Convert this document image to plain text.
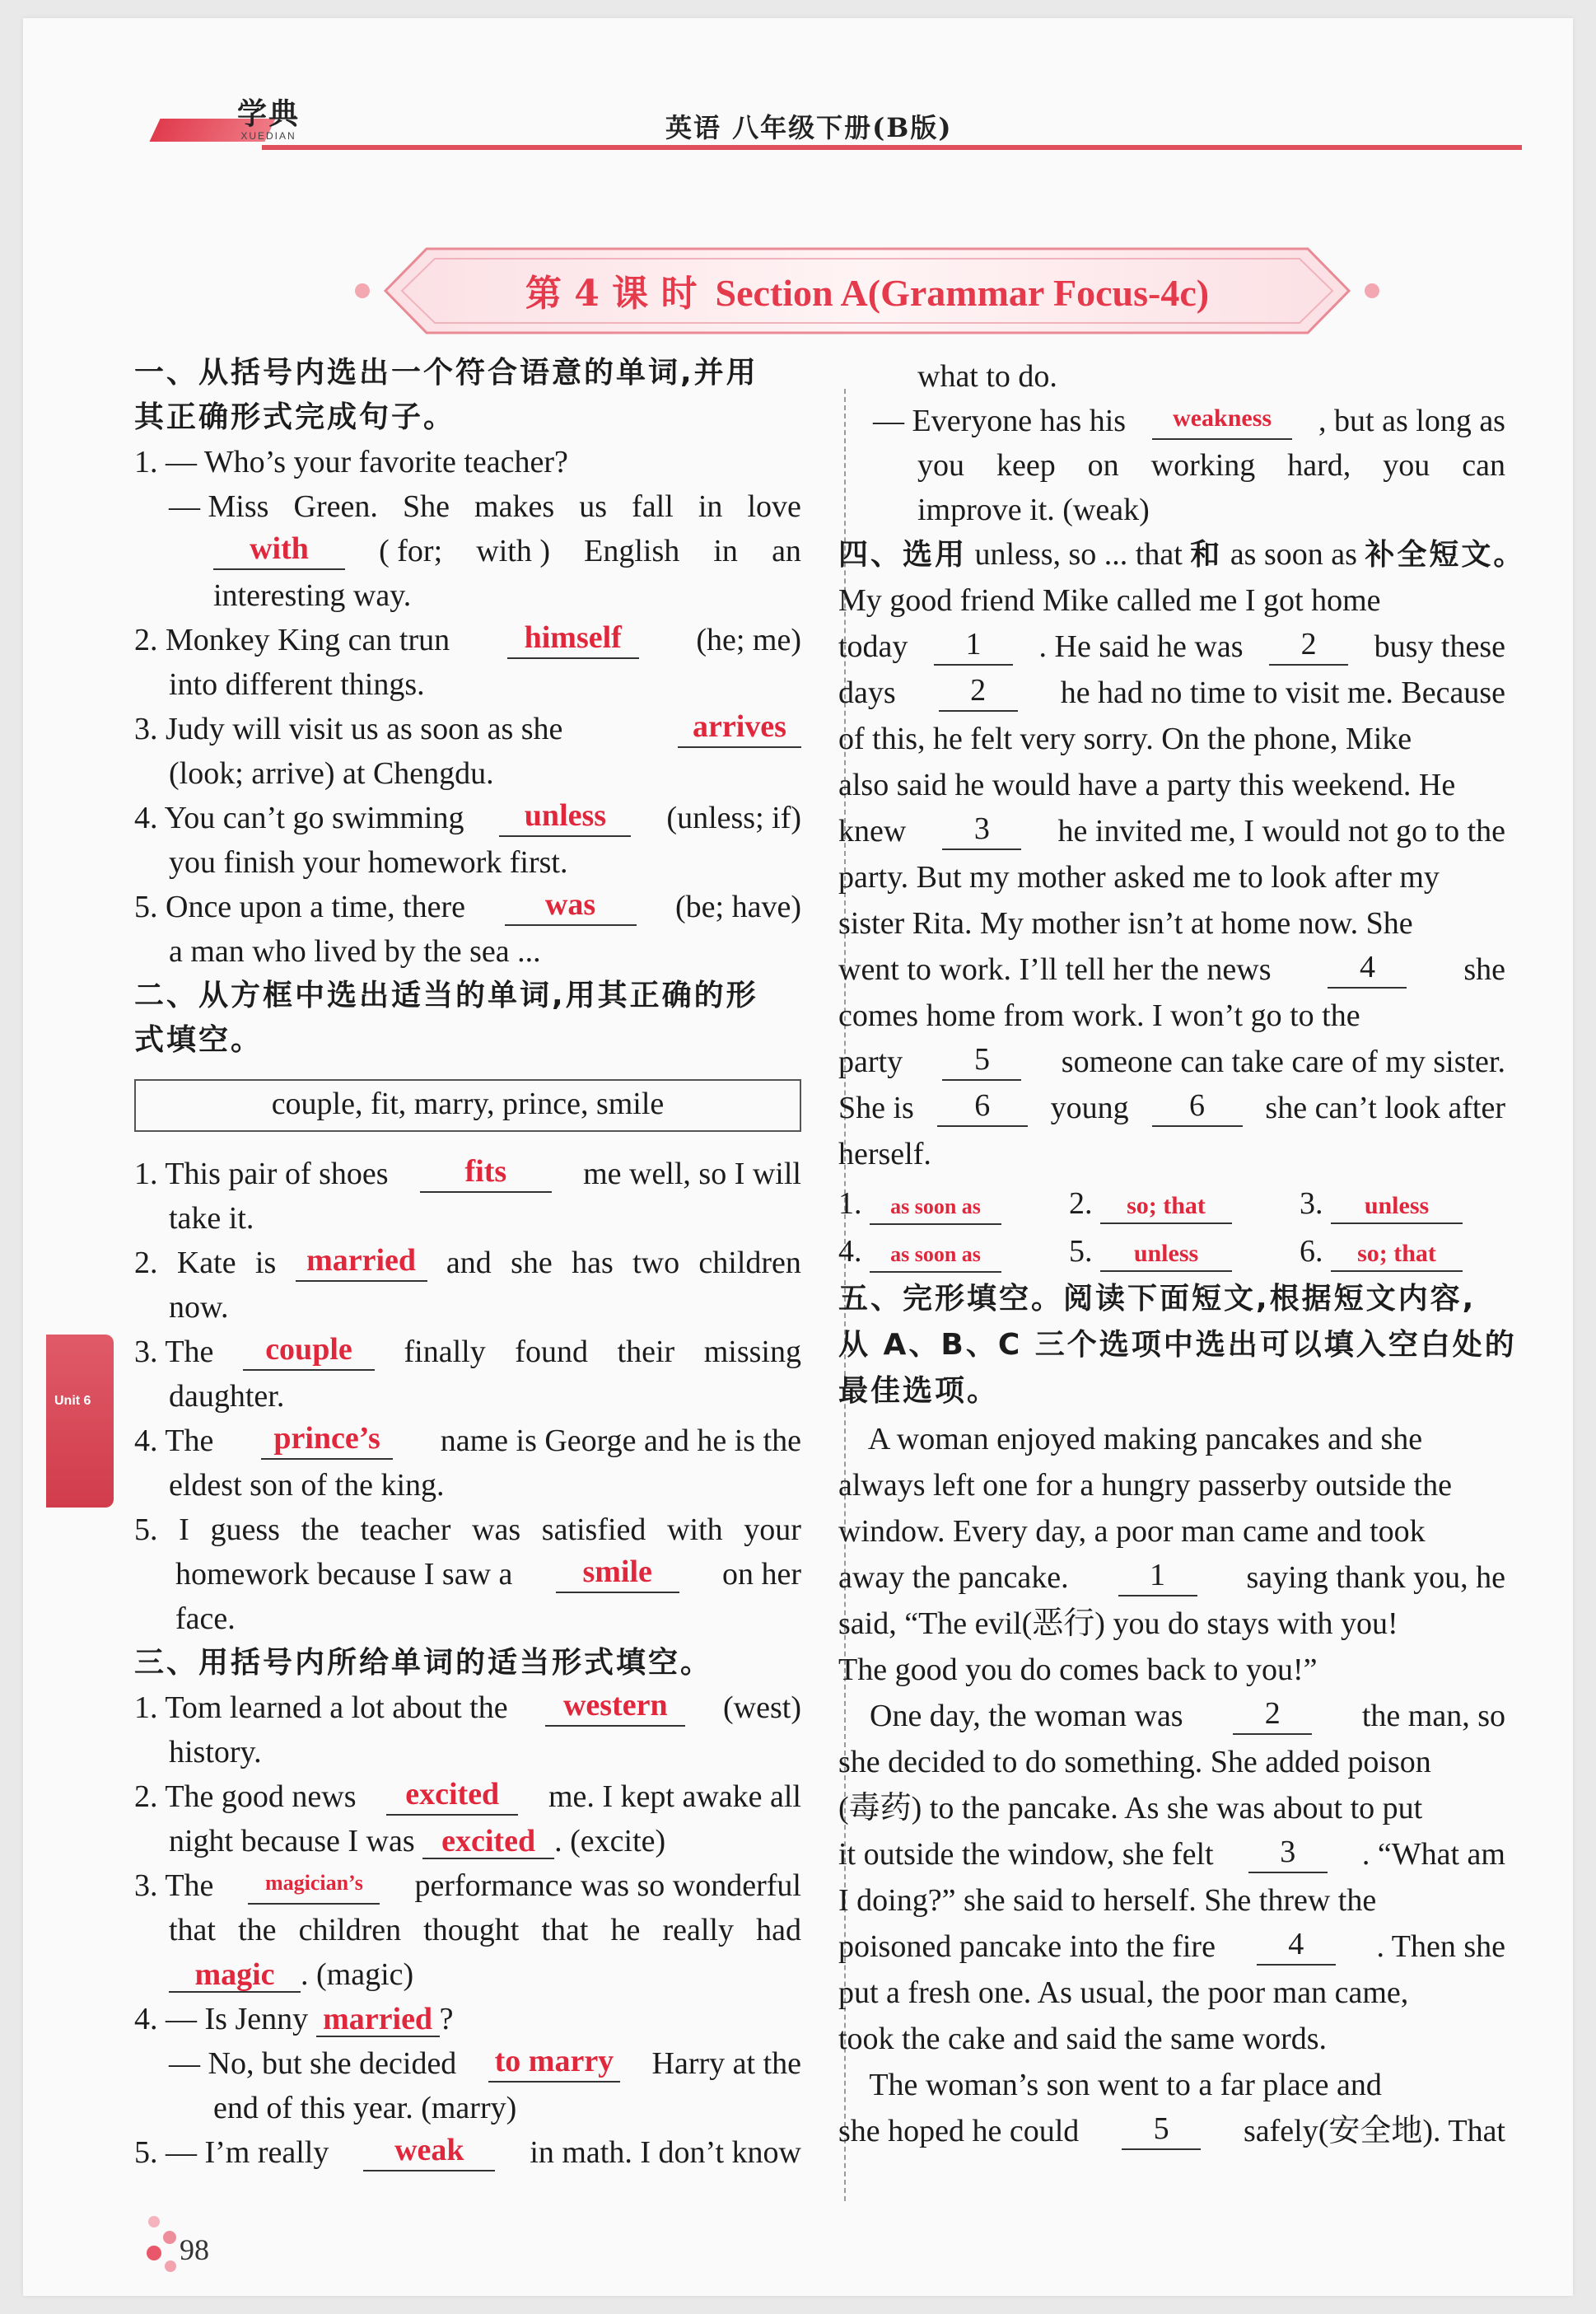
学典
XUEDIAN	英语 八年级下册(B版)
第 4 课 时 Section A(Grammar Focus-4c)
Unit 6
98
一、从括号内选出一个符合语意的单词,并用
其正确形式完成句子。
1. — Who’s your favorite teacher?
— Miss Green. She makes us fall in love
with	( for; with ) English in an
interesting way.
2. Monkey King can trun	himself	(he; me)
into different things.
3. Judy will visit us as soon as she	arrives
(look; arrive) at Chengdu.
4. You can’t go swimming	unless	(unless; if)
you finish your homework first.
5. Once upon a time, there	was	(be; have)
a man who lived by the sea ...
二、从方框中选出适当的单词,用其正确的形
式填空。
couple, fit, marry, prince, smile
1. This pair of shoes	fits	me well, so I will
take it.
2. Kate is married and she has two children
now.
3. The	couple	finally found their missing
daughter.
4. The	prince’s	name is George and he is the
eldest son of the king.
5. I guess the teacher was satisfied with your
homework because I saw a	smile	on her
face.
三、用括号内所给单词的适当形式填空。
1. Tom learned a lot about the	western	(west)
history.
2. The good news	excited	me. I kept awake all
night because I was excited . (excite)
3. The	magician’s	performance was so wonderful
that the children thought that he really had
magic . (magic)
4. — Is Jenny married ?
— No, but she decided to marry Harry at the
end of this year. (marry)
5. — I’m really	weak	in math. I don’t know
what to do.
— Everyone has his	weakness	, but as long as
you keep on working hard, you can
improve it. (weak)
四、选用 unless, so ... that 和 as soon as 补全短文。
My good friend Mike called me I got home
today	1	. He said he was	2	busy these
days	2	he had no time to visit me. Because
of this, he felt very sorry. On the phone, Mike
also said he would have a party this weekend. He
knew	3	he invited me, I would not go to the
party. But my mother asked me to look after my
sister Rita. My mother isn’t at home now. She
went to work. I’ll tell her the news	4	she
comes home from work. I won’t go to the
party	5	someone can take care of my sister.
She is	6	young	6	she can’t look after
herself.
1. as soon as	2. so; that	3. unless
4. as soon as	5. unless	6. so; that
五、完形填空。阅读下面短文,根据短文内容,
从 A、B、C 三个选项中选出可以填入空白处的
最佳选项。
A woman enjoyed making pancakes and she
always left one for a hungry passerby outside the
window. Every day, a poor man came and took
away the pancake.	1	saying thank you, he
said, “The evil(恶行) you do stays with you!
The good you do comes back to you!”
One day, the woman was	2	the man, so
she decided to do something. She added poison
(毒药) to the pancake. As she was about to put
it outside the window, she felt	3	. “What am
I doing?” she said to herself. She threw the
poisoned pancake into the fire	4	. Then she
put a fresh one. As usual, the poor man came,
took the cake and said the same words.
The woman’s son went to a far place and
she hoped he could	5	safely(安全地). That
